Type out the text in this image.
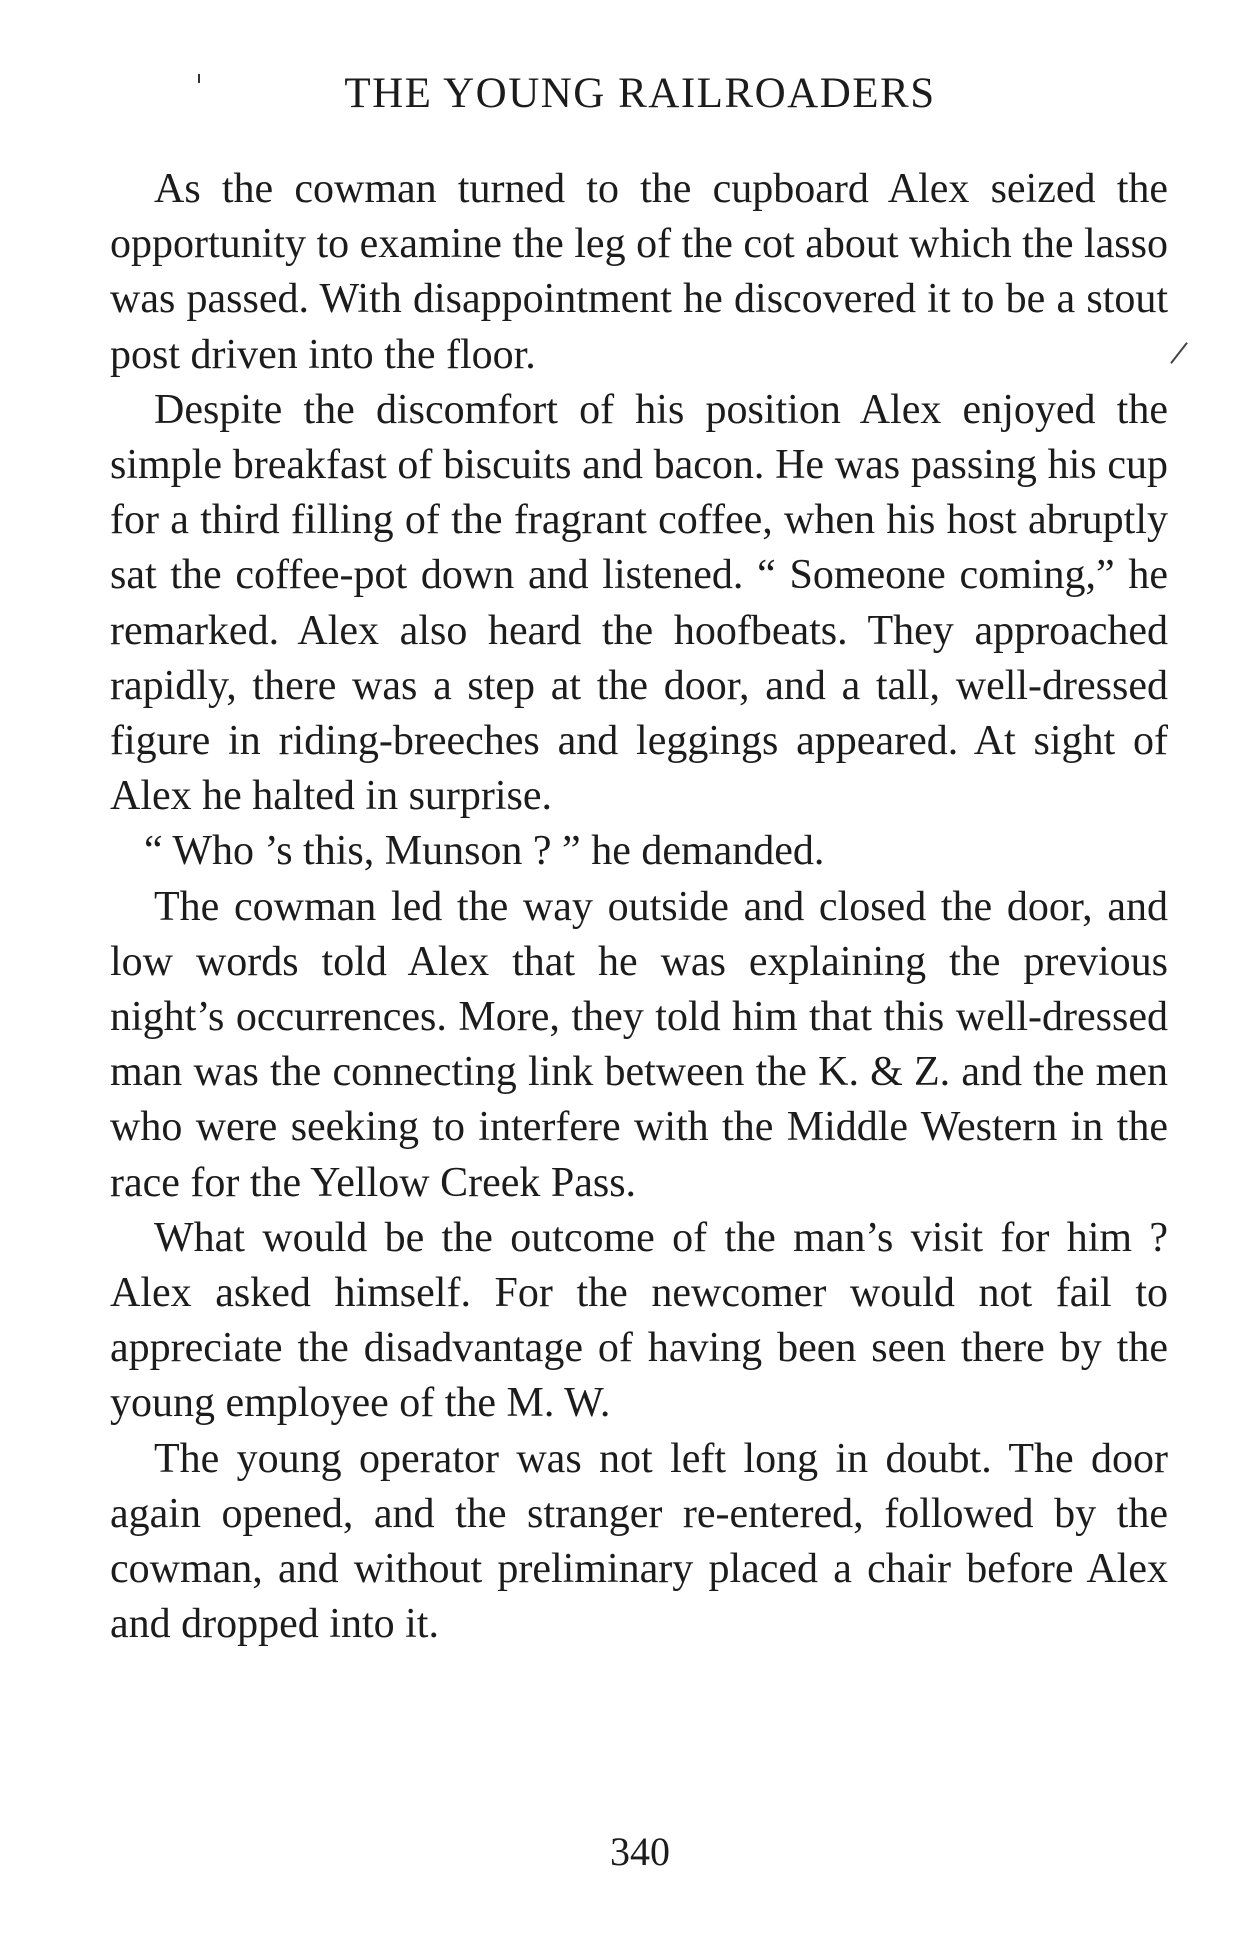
THE YOUNG RAILROADERS

As the cowman turned to the cupboard Alex seized the opportunity to examine the leg of the cot about which the lasso was passed. With disappointment he discovered it to be a stout post driven into the floor.

Despite the discomfort of his position Alex enjoyed the simple breakfast of biscuits and bacon. He was passing his cup for a third filling of the fragrant coffee, when his host abruptly sat the coffee-pot down and listened. “ Someone coming,” he remarked. Alex also heard the hoofbeats. They approached rapidly, there was a step at the door, and a tall, well-dressed figure in riding-breeches and leggings appeared. At sight of Alex he halted in surprise.

“ Who ’s this, Munson ? ” he demanded.

The cowman led the way outside and closed the door, and low words told Alex that he was explaining the previous night’s occurrences. More, they told him that this well-dressed man was the connecting link between the K. & Z. and the men who were seeking to interfere with the Middle Western in the race for the Yellow Creek Pass.

What would be the outcome of the man’s visit for him ? Alex asked himself. For the newcomer would not fail to appreciate the disadvantage of having been seen there by the young employee of the M. W.

The young operator was not left long in doubt. The door again opened, and the stranger re-entered, followed by the cowman, and without preliminary placed a chair before Alex and dropped into it.

340
